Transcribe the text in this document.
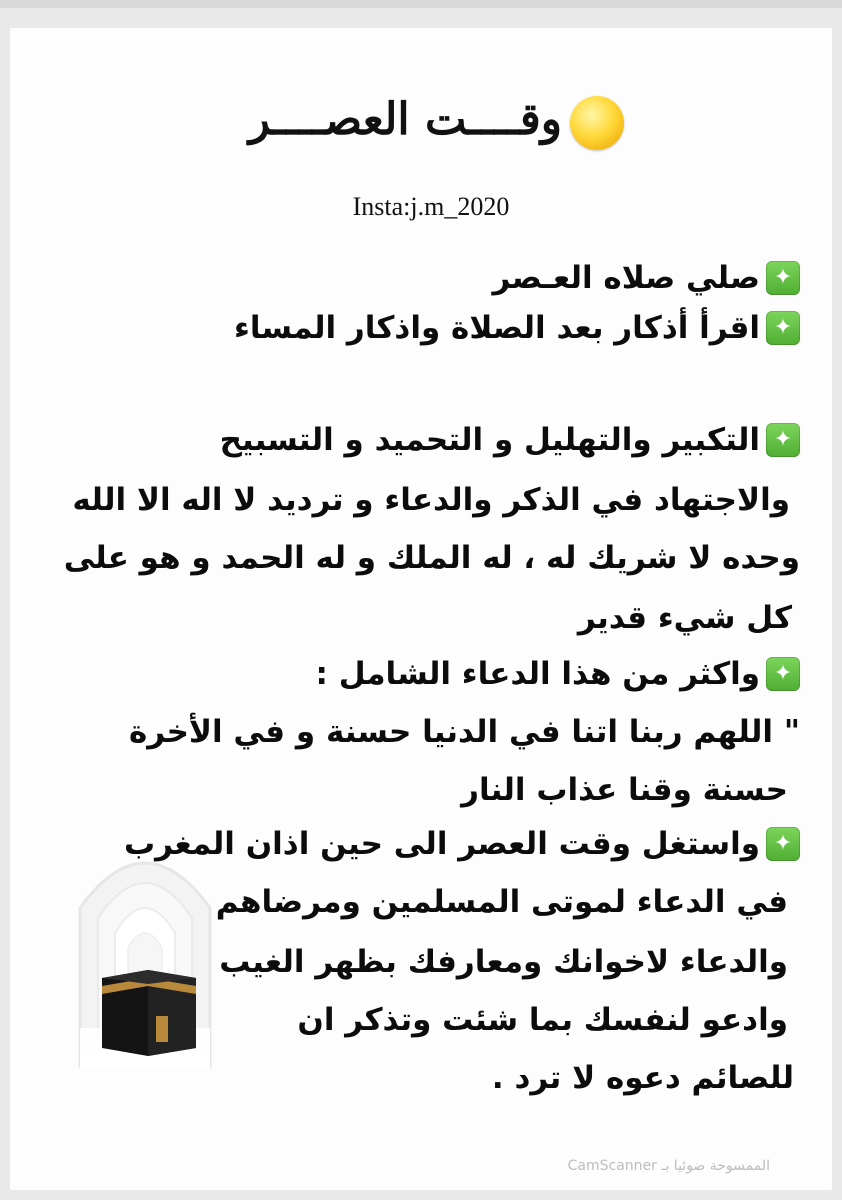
وقــــت العصــــر
Insta:j.m_2020
✦
صلي صلاه العـصر
✦
اقرأ أذكار بعد الصلاة واذكار المساء
✦
التكبير والتهليل و التحميد و التسبيح
والاجتهاد في الذكر والدعاء و ترديد لا اله الا الله
وحده لا شريك له ، له الملك و له الحمد و هو على
كل شيء قدير
✦
واكثر من هذا الدعاء الشامل :
" اللهم ربنا اتنا في الدنيا حسنة و في الأخرة
حسنة وقنا عذاب النار
✦
واستغل وقت العصر الى حين اذان المغرب
في الدعاء لموتى المسلمين ومرضاهم
والدعاء لاخوانك ومعارفك بظهر الغيب
وادعو لنفسك بما شئت وتذكر ان
للصائم دعوه لا ترد .
الممسوحة ضوئيا بـ CamScanner
